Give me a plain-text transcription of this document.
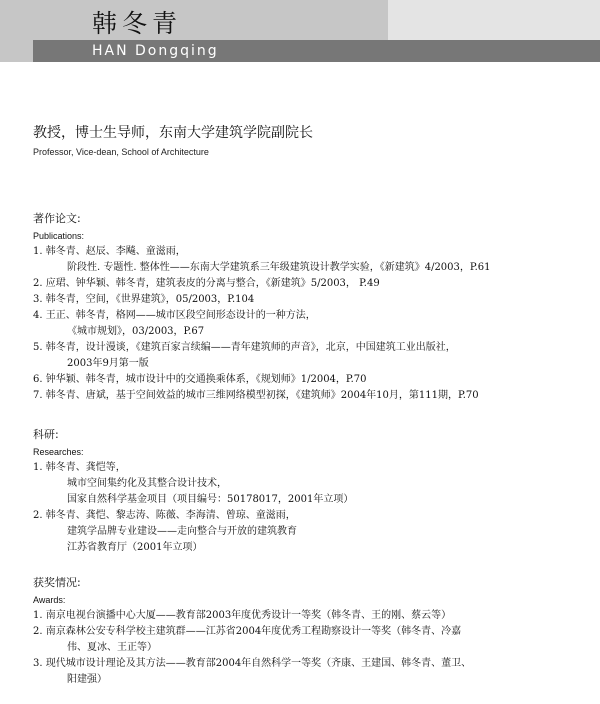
韩冬青
HAN Dongqing
教授，博士生导师，东南大学建筑学院副院长
Professor, Vice-dean, School of Architecture
著作论文:
Publications:
1. 韩冬青、赵辰、李飚、童滋雨，
阶段性. 专题性. 整体性——东南大学建筑系三年级建筑设计教学实验，《新建筑》4/2003，P.61
2. 应珺、钟华颖、韩冬青，建筑表皮的分离与整合，《新建筑》5/2003， P.49
3. 韩冬青，空间，《世界建筑》，05/2003，P.104
4. 王正、韩冬青，格网——城市区段空间形态设计的一种方法，
《城市规划》，03/2003，P.67
5. 韩冬青，设计漫谈，《建筑百家言续编——青年建筑师的声音》，北京，中国建筑工业出版社，
2003年9月第一版
6. 钟华颖、韩冬青，城市设计中的交通换乘体系，《规划师》1/2004，P.70
7. 韩冬青、唐斌，基于空间效益的城市三维网络模型初探，《建筑师》2004年10月，第111期，P.70
科研:
Researches:
1. 韩冬青、龚恺等，
城市空间集约化及其整合设计技术，
国家自然科学基金项目（项目编号：50178017，2001年立项）
2. 韩冬青、龚恺、黎志涛、陈薇、李海清、曾琼、童滋雨，
建筑学品牌专业建设——走向整合与开放的建筑教育
江苏省教育厅（2001年立项）
获奖情况:
Awards:
1. 南京电视台演播中心大厦——教育部2003年度优秀设计一等奖（韩冬青、王的刚、蔡云等）
2. 南京森林公安专科学校主建筑群——江苏省2004年度优秀工程勘察设计一等奖（韩冬青、冷嘉
伟、夏冰、王正等）
3. 现代城市设计理论及其方法——教育部2004年自然科学一等奖（齐康、王建国、韩冬青、董卫、
阳建强）
